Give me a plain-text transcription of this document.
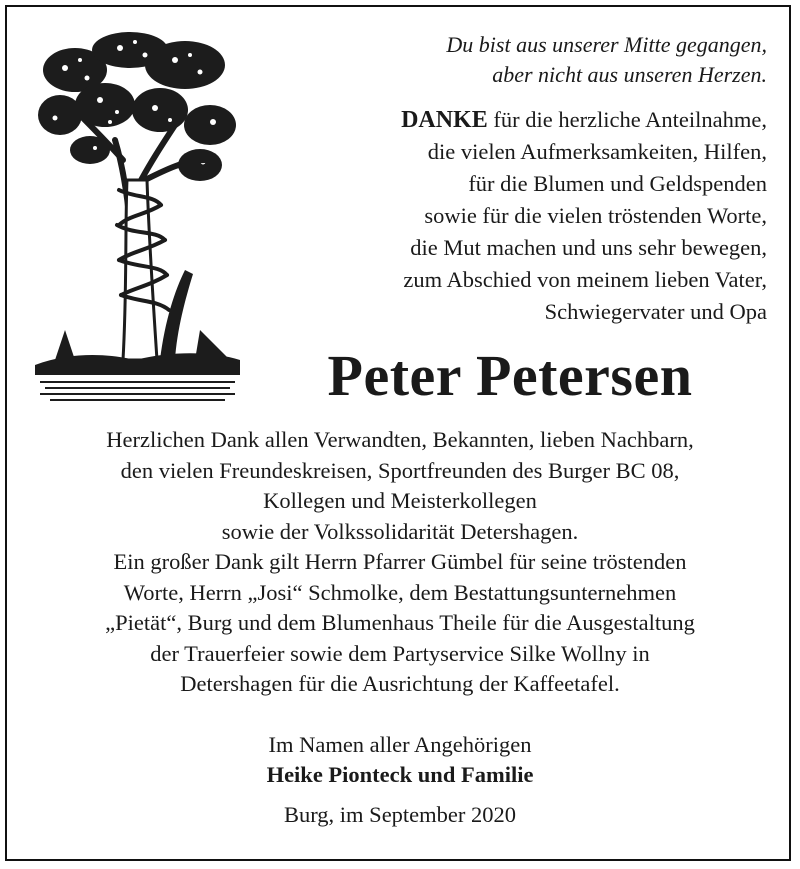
Du bist aus unserer Mitte gegangen,
aber nicht aus unseren Herzen.
DANKE für die herzliche Anteilnahme,
die vielen Aufmerksamkeiten, Hilfen,
für die Blumen und Geldspenden
sowie für die vielen tröstenden Worte,
die Mut machen und uns sehr bewegen,
zum Abschied von meinem lieben Vater,
Schwiegervater und Opa
Peter Petersen
Herzlichen Dank allen Verwandten, Bekannten, lieben Nachbarn,
den vielen Freundeskreisen, Sportfreunden des Burger BC 08,
Kollegen und Meisterkollegen
sowie der Volkssolidarität Detershagen.
Ein großer Dank gilt Herrn Pfarrer Gümbel für seine tröstenden
Worte, Herrn „Josi“ Schmolke, dem Bestattungsunternehmen
„Pietät“, Burg und dem Blumenhaus Theile für die Ausgestaltung
der Trauerfeier sowie dem Partyservice Silke Wollny in
Detershagen für die Ausrichtung der Kaffeetafel.
Im Namen aller Angehörigen
Heike Pionteck und Familie
Burg, im September 2020
